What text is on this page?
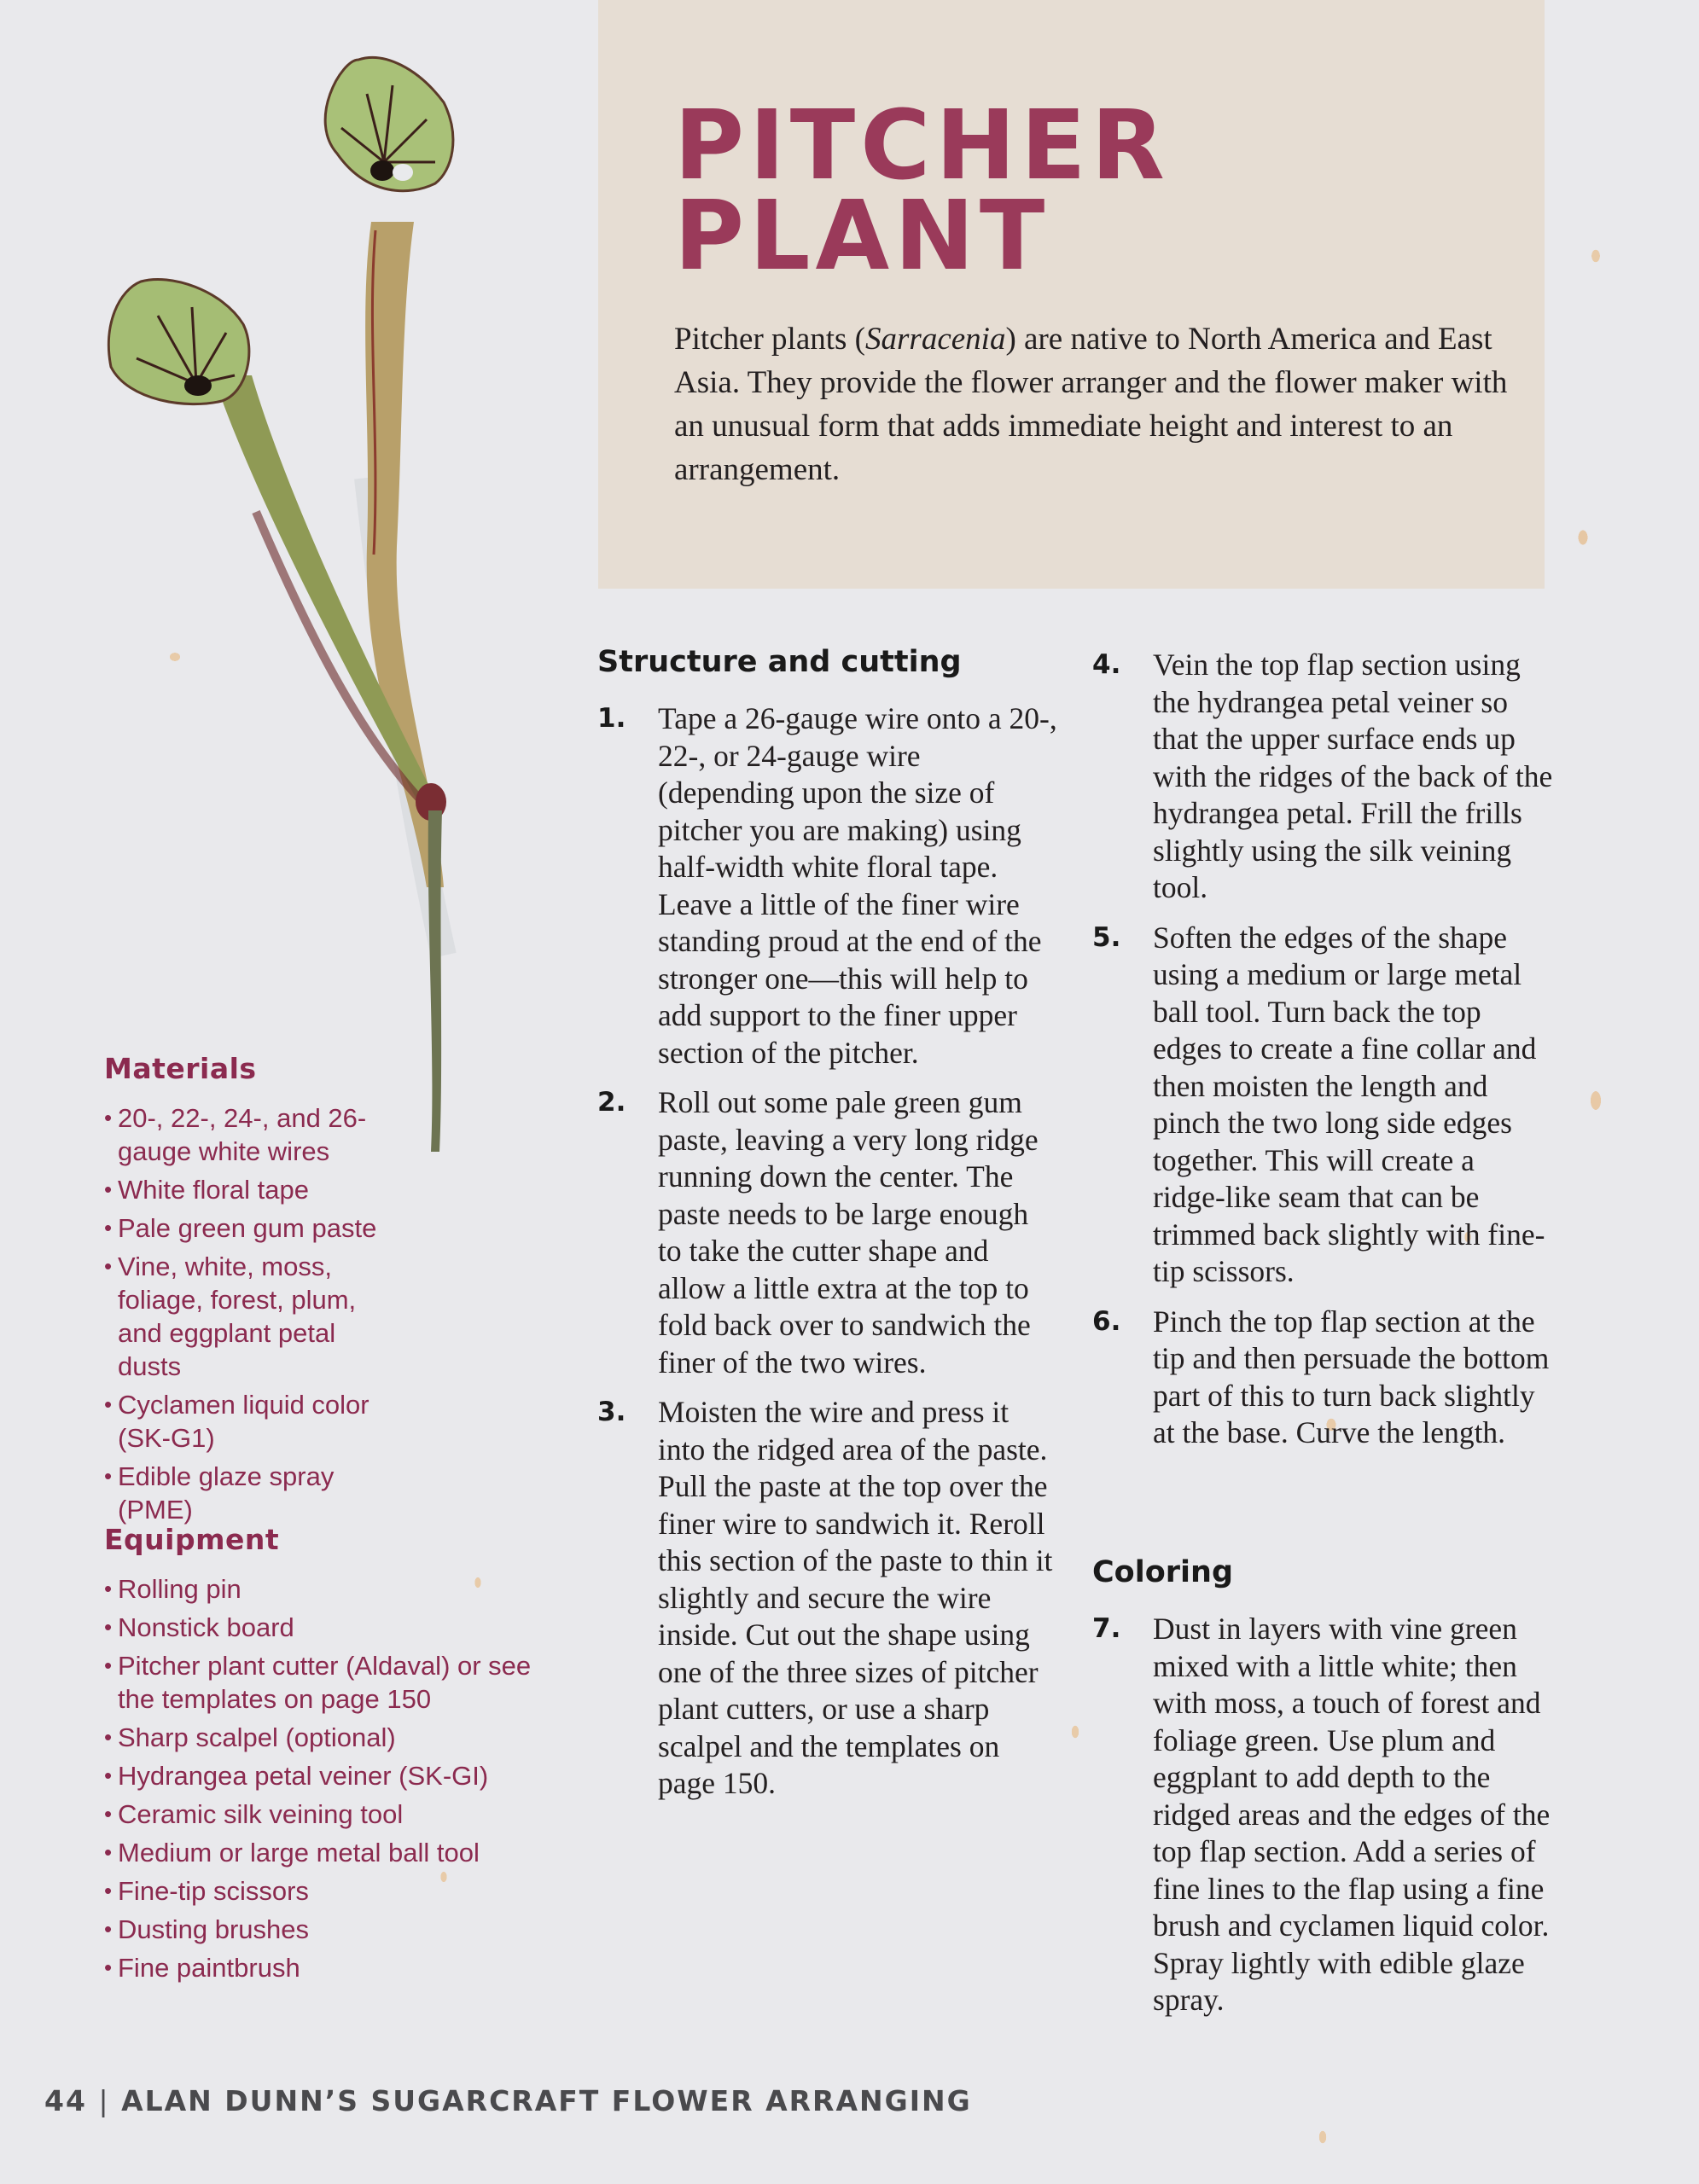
PITCHER
PLANT

Pitcher plants (Sarracenia) are native to North America and East Asia. They provide the flower arranger and the flower maker with an unusual form that adds immediate height and interest to an arrangement.

Structure and cutting
1. Tape a 26-gauge wire onto a 20-, 22-, or 24-gauge wire (depending upon the size of pitcher you are making) using half-width white floral tape. Leave a little of the finer wire standing proud at the end of the stronger one—this will help to add support to the finer upper section of the pitcher.
2. Roll out some pale green gum paste, leaving a very long ridge running down the center. The paste needs to be large enough to take the cutter shape and allow a little extra at the top to fold back over to sandwich the finer of the two wires.
3. Moisten the wire and press it into the ridged area of the paste. Pull the paste at the top over the finer wire to sandwich it. Reroll this section of the paste to thin it slightly and secure the wire inside. Cut out the shape using one of the three sizes of pitcher plant cutters, or use a sharp scalpel and the templates on page 150.
4. Vein the top flap section using the hydrangea petal veiner so that the upper surface ends up with the ridges of the back of the hydrangea petal. Frill the frills slightly using the silk veining tool.
5. Soften the edges of the shape using a medium or large metal ball tool. Turn back the top edges to create a fine collar and then moisten the length and pinch the two long side edges together. This will create a ridge-like seam that can be trimmed back slightly with fine-tip scissors.
6. Pinch the top flap section at the tip and then persuade the bottom part of this to turn back slightly at the base. Curve the length.
Coloring
7. Dust in layers with vine green mixed with a little white; then with moss, a touch of forest and foliage green. Use plum and eggplant to add depth to the ridged areas and the edges of the top flap section. Add a series of fine lines to the flap using a fine brush and cyclamen liquid color. Spray lightly with edible glaze spray.
Materials
• 20-, 22-, 24-, and 26-gauge white wires
• White floral tape
• Pale green gum paste
• Vine, white, moss, foliage, forest, plum, and eggplant petal dusts
• Cyclamen liquid color (SK-G1)
• Edible glaze spray (PME)
Equipment
• Rolling pin
• Nonstick board
• Pitcher plant cutter (Aldaval) or see the templates on page 150
• Sharp scalpel (optional)
• Hydrangea petal veiner (SK-GI)
• Ceramic silk veining tool
• Medium or large metal ball tool
• Fine-tip scissors
• Dusting brushes
• Fine paintbrush

44 | ALAN DUNN’S SUGARCRAFT FLOWER ARRANGING
